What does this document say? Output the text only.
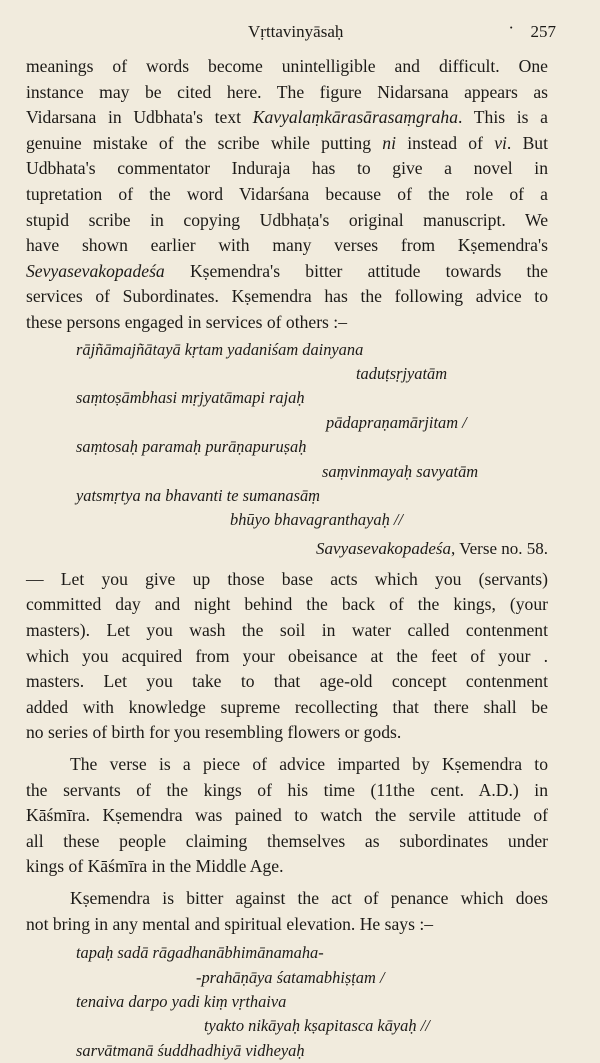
Vṛttavinyāsaḥ	· 257

meanings of words become unintelligible and difficult. One
instance may be cited here. The figure Nidarsana appears as
Vidarsana in Udbhata's text Kavyalaṃkārasārasaṃgraha. This is a
genuine mistake of the scribe while putting ni instead of vi. But
Udbhata's commentator Induraja has to give a novel in
tupretation of the word Vidarśana because of the role of a
stupid scribe in copying Udbhaṭa's original manuscript. We
have shown earlier with many verses from Kṣemendra's
Sevyasevakopadeśa Kṣemendra's bitter attitude towards the
services of Subordinates. Kṣemendra has the following advice to
these persons engaged in services of others :–

rājñāmajñātayā kṛtam yadaniśam dainyana
taduṭsṛjyatām
saṃtoṣāmbhasi mṛjyatāmapi rajaḥ
pādapraṇamārjitam /
saṃtosaḥ paramaḥ purāṇapuruṣaḥ
saṃvinmayaḥ savyatām
yatsmṛtya na bhavanti te sumanasāṃ
bhūyo bhavagranthayaḥ //

Savyasevakopadeśa, Verse no. 58.

— Let you give up those base acts which you (servants)
committed day and night behind the back of the kings, (your
masters). Let you wash the soil in water called contenment
which you acquired from your obeisance at the feet of your .
masters. Let you take to that age-old concept contenment
added with knowledge supreme recollecting that there shall be
no series of birth for you resembling flowers or gods.

The verse is a piece of advice imparted by Kṣemendra to
the servants of the kings of his time (11the cent. A.D.) in
Kāśmīra. Kṣemendra was pained to watch the servile attitude of
all these people claiming themselves as subordinates under
kings of Kāśmīra in the Middle Age.

Kṣemendra is bitter against the act of penance which does
not bring in any mental and spiritual elevation. He says :–

tapaḥ sadā rāgadhanābhimānamaha-
-prahāṇāya śatamabhiṣṭam /
tenaiva darpo yadi kiṃ vṛthaiva
tyakto nikāyaḥ kṣapitasca kāyaḥ //
sarvātmanā śuddhadhiyā vidheyaḥ
